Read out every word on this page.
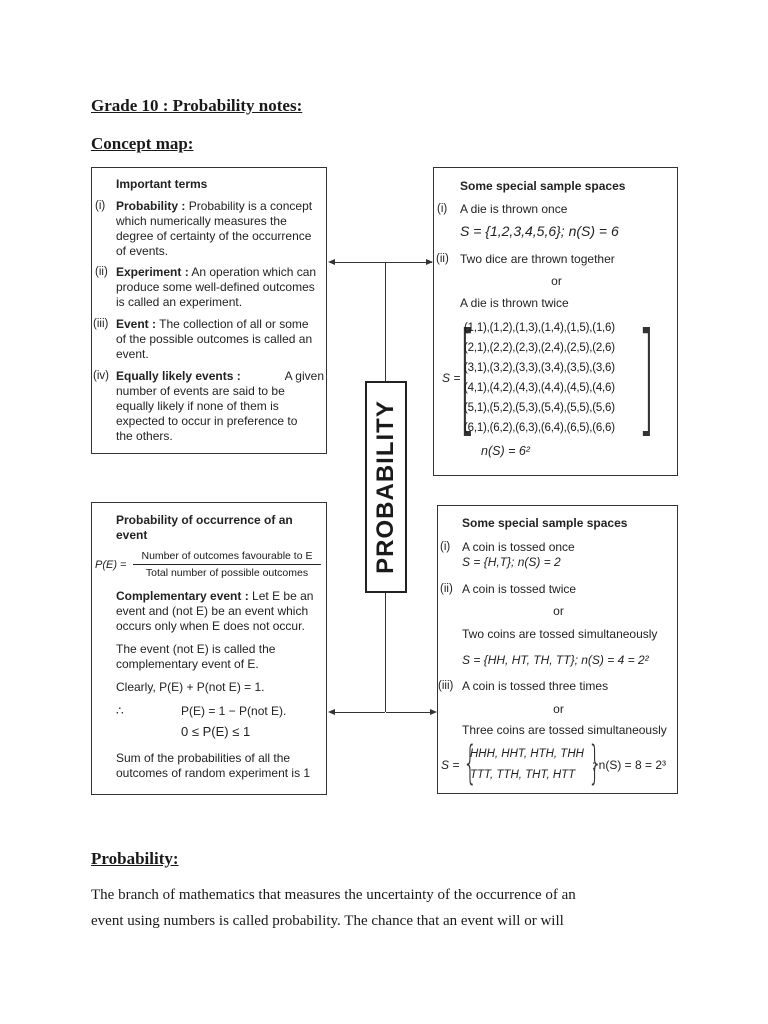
Grade 10 : Probability notes:
Concept map:
Important terms
(i) Probability : Probability is a concept
which numerically measures the
degree of certainty of the occurrence
of events.
(ii) Experiment : An operation which can
produce some well-defined outcomes
is called an experiment.
(iii) Event : The collection of all or some
of the possible outcomes is called an
event.
(iv) Equally likely events :	A given
number of events are said to be
equally likely if none of them is
expected to occur in preference to
the others.
Some special sample spaces
(i) A die is thrown once
S = {1,2,3,4,5,6}; n(S) = 6
(ii) Two dice are thrown together
or
A die is thrown twice
S =
[ ]
(1,1),(1,2),(1,3),(1,4),(1,5),(1,6)
(2,1),(2,2),(2,3),(2,4),(2,5),(2,6)
(3,1),(3,2),(3,3),(3,4),(3,5),(3,6)
(4,1),(4,2),(4,3),(4,4),(4,5),(4,6)
(5,1),(5,2),(5,3),(5,4),(5,5),(5,6)
(6,1),(6,2),(6,3),(6,4),(6,5),(6,6)
n(S) = 6²
PROBABILITY
Probability of occurrence of an
event
P(E) =
Number of outcomes favourable to E
Total number of possible outcomes
Complementary event : Let E be an
event and (not E) be an event which
occurs only when E does not occur.
The event (not E) is called the
complementary event of E.
Clearly, P(E) + P(not E) = 1.
∴	P(E) = 1 − P(not E).
0 ≤ P(E) ≤ 1
Sum of the probabilities of all the
outcomes of random experiment is 1
Some special sample spaces
(i) A coin is tossed once
S = {H,T}; n(S) = 2
(ii) A coin is tossed twice
or
Two coins are tossed simultaneously
S = {HH, HT, TH, TT}; n(S) = 4 = 2²
(iii) A coin is tossed three times
or
Three coins are tossed simultaneously
S =
HHH, HHT, HTH, THH
TTT, TTH, THT, HTT
; n(S) = 8 = 2³
{ }
Probability:

The branch of mathematics that measures the uncertainty of the occurrence of an

event using numbers is called probability. The chance that an event will or will
